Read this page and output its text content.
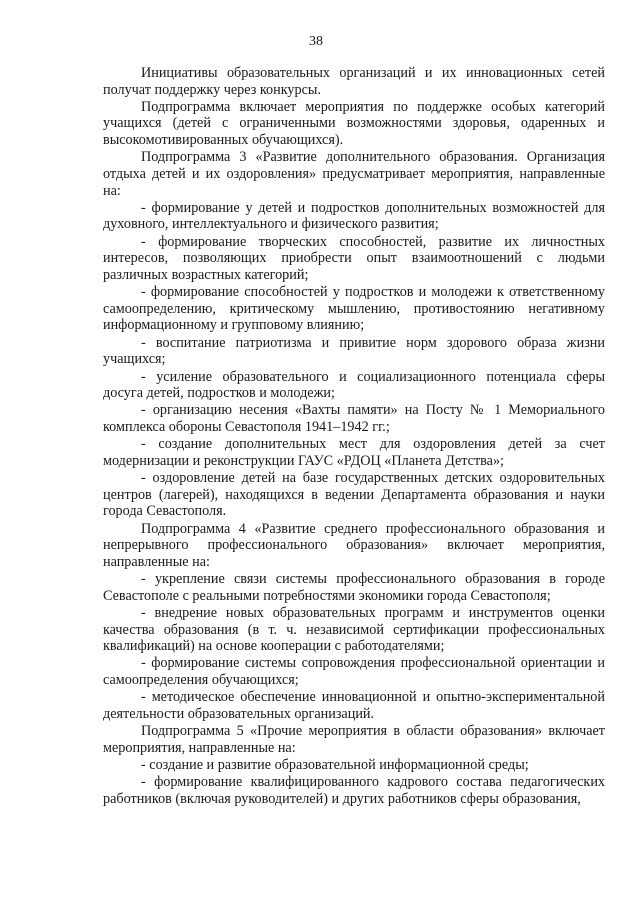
38

Инициативы образовательных организаций и их инновационных сетей получат поддержку через конкурсы.

Подпрограмма включает мероприятия по поддержке особых категорий учащихся (детей с ограниченными возможностями здоровья, одаренных и высокомотивированных обучающихся).

Подпрограмма 3 «Развитие дополнительного образования. Организация отдыха детей и их оздоровления» предусматривает мероприятия, направленные на:

- формирование у детей и подростков дополнительных возможностей для духовного, интеллектуального и физического развития;

- формирование творческих способностей, развитие их личностных интересов, позволяющих приобрести опыт взаимоотношений с людьми различных возрастных категорий;

- формирование способностей у подростков и молодежи к ответственному самоопределению, критическому мышлению, противостоянию негативному информационному и групповому влиянию;

- воспитание патриотизма и привитие норм здорового образа жизни учащихся;

- усиление образовательного и социализационного потенциала сферы досуга детей, подростков и молодежи;

- организацию несения «Вахты памяти» на Посту № 1 Мемориального комплекса обороны Севастополя 1941–1942 гг.;

- создание дополнительных мест для оздоровления детей за счет модернизации и реконструкции ГАУС «РДОЦ «Планета Детства»;

- оздоровление детей на базе государственных детских оздоровительных центров (лагерей), находящихся в ведении Департамента образования и науки города Севастополя.

Подпрограмма 4 «Развитие среднего профессионального образования и непрерывного профессионального образования» включает мероприятия, направленные на:

- укрепление связи системы профессионального образования в городе Севастополе с реальными потребностями экономики города Севастополя;

- внедрение новых образовательных программ и инструментов оценки качества образования (в т. ч. независимой сертификации профессиональных квалификаций) на основе кооперации с работодателями;

- формирование системы сопровождения профессиональной ориентации и самоопределения обучающихся;

- методическое обеспечение инновационной и опытно-экспериментальной деятельности образовательных организаций.

Подпрограмма 5 «Прочие мероприятия в области образования» включает мероприятия, направленные на:

- создание и развитие образовательной информационной среды;

- формирование квалифицированного кадрового состава педагогических работников (включая руководителей) и других работников сферы образования,
